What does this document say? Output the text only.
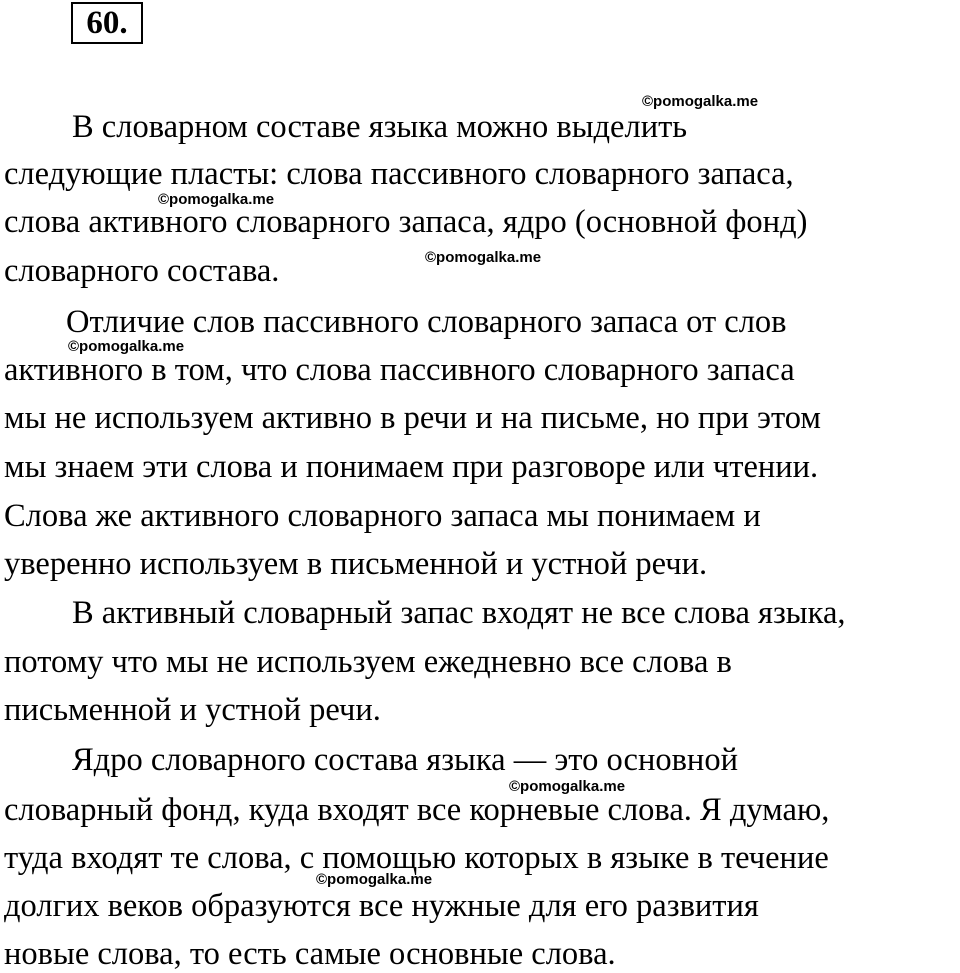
60.

В словарном составе языка можно выделить

следующие пласты: слова пассивного словарного запаса,

слова активного словарного запаса, ядро (основной фонд)

словарного состава.

Отличие слов пассивного словарного запаса от слов

активного в том, что слова пассивного словарного запаса

мы не используем активно в речи и на письме, но при этом

мы знаем эти слова и понимаем при разговоре или чтении.

Слова же активного словарного запаса мы понимаем и

уверенно используем в письменной и устной речи.

В активный словарный запас входят не все слова языка,

потому что мы не используем ежедневно все слова в

письменной и устной речи.

Ядро словарного состава языка — это основной

словарный фонд, куда входят все корневые слова. Я думаю,

туда входят те слова, с помощью которых в языке в течение

долгих веков образуются все нужные для его развития

новые слова, то есть самые основные слова.

©pomogalka.me
©pomogalka.me
©pomogalka.me
©pomogalka.me
©pomogalka.me
©pomogalka.me
